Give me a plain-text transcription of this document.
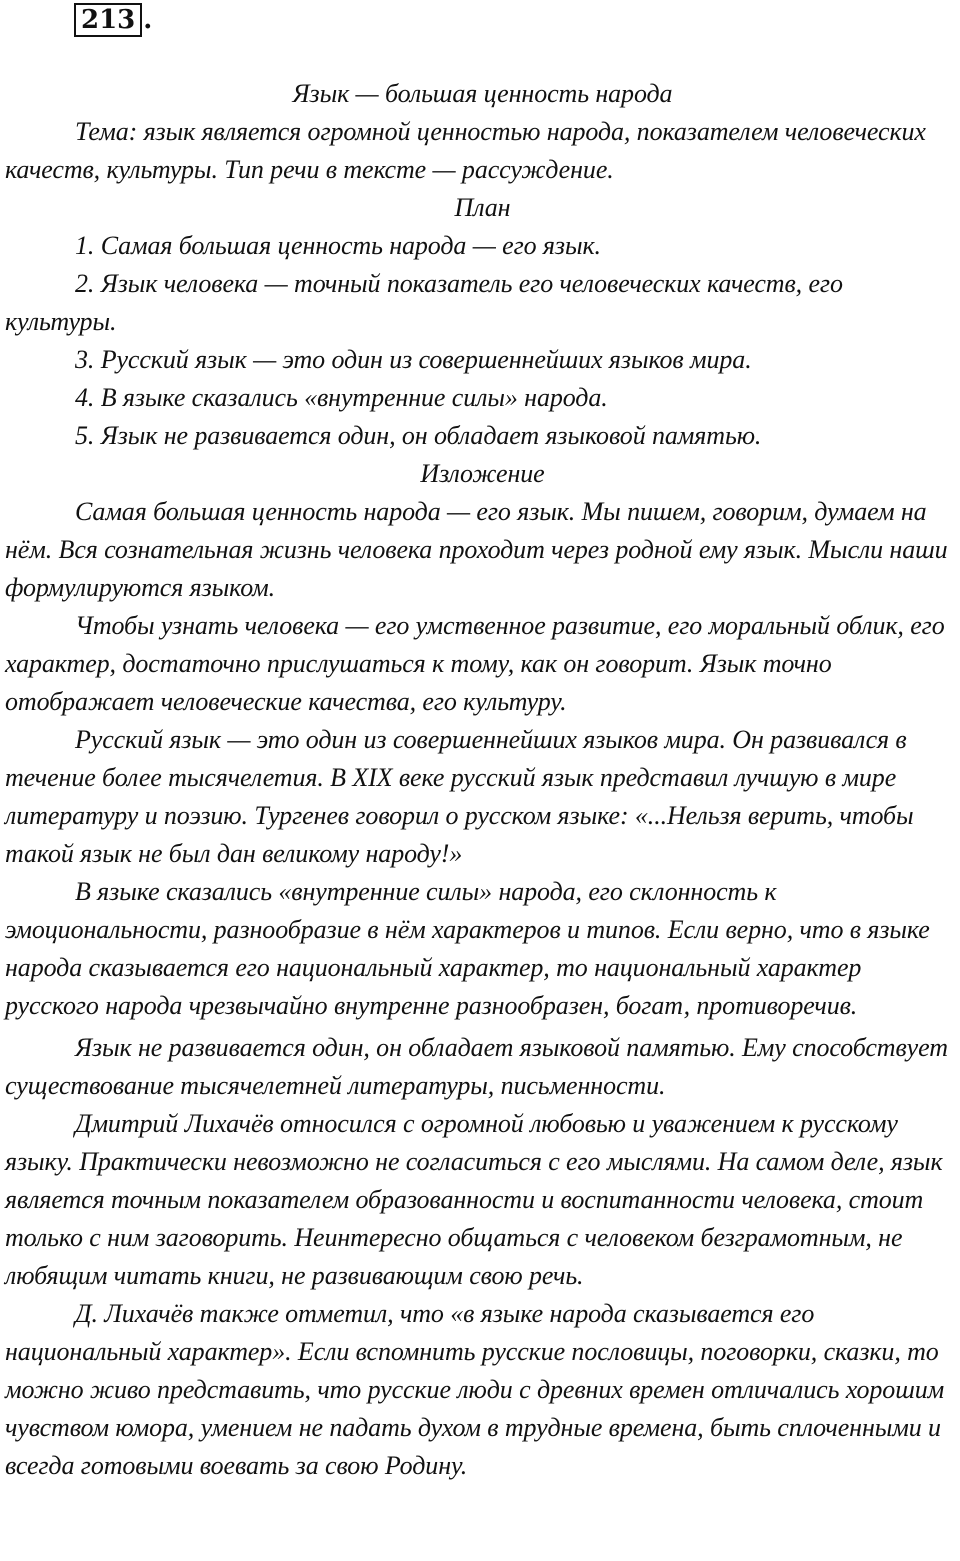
213 .

Язык — большая ценность народа

Тема: язык является огромной ценностью народа, показателем человеческих качеств, культуры. Тип речи в тексте — рассуждение.

План

1. Самая большая ценность народа — его язык.

2. Язык человека — точный показатель его человеческих качеств, его культуры.

3. Русский язык — это один из совершеннейших языков мира.

4. В языке сказались «внутренние силы» народа.

5. Язык не развивается один, он обладает языковой памятью.

Изложение

Самая большая ценность народа — его язык. Мы пишем, говорим, думаем на нём. Вся сознательная жизнь человека проходит через родной ему язык. Мысли наши формулируются языком.

Чтобы узнать человека — его умственное развитие, его моральный облик, его характер, достаточно прислушаться к тому, как он говорит. Язык точно отображает человеческие качества, его культуру.

Русский язык — это один из совершеннейших языков мира. Он развивался в течение более тысячелетия. В XIX веке русский язык представил лучшую в мире литературу и поэзию. Тургенев говорил о русском языке: «...Нельзя верить, чтобы такой язык не был дан великому народу!»

В языке сказались «внутренние силы» народа, его склонность к эмоциональности, разнообразие в нём характеров и типов. Если верно, что в языке народа сказывается его национальный характер, то национальный характер русского народа чрезвычайно внутренне разнообразен, богат, противоречив.

Язык не развивается один, он обладает языковой памятью. Ему способствует существование тысячелетней литературы, письменности.

Дмитрий Лихачёв относился с огромной любовью и уважением к русскому языку. Практически невозможно не согласиться с его мыслями. На самом деле, язык является точным показателем образованности и воспитанности человека, стоит только с ним заговорить. Неинтересно общаться с человеком безграмотным, не любящим читать книги, не развивающим свою речь.

Д. Лихачёв также отметил, что «в языке народа сказывается его национальный характер». Если вспомнить русские пословицы, поговорки, сказки, то можно живо представить, что русские люди с древних времен отличались хорошим чувством юмора, умением не падать духом в трудные времена, быть сплоченными и всегда готовыми воевать за свою Родину.
